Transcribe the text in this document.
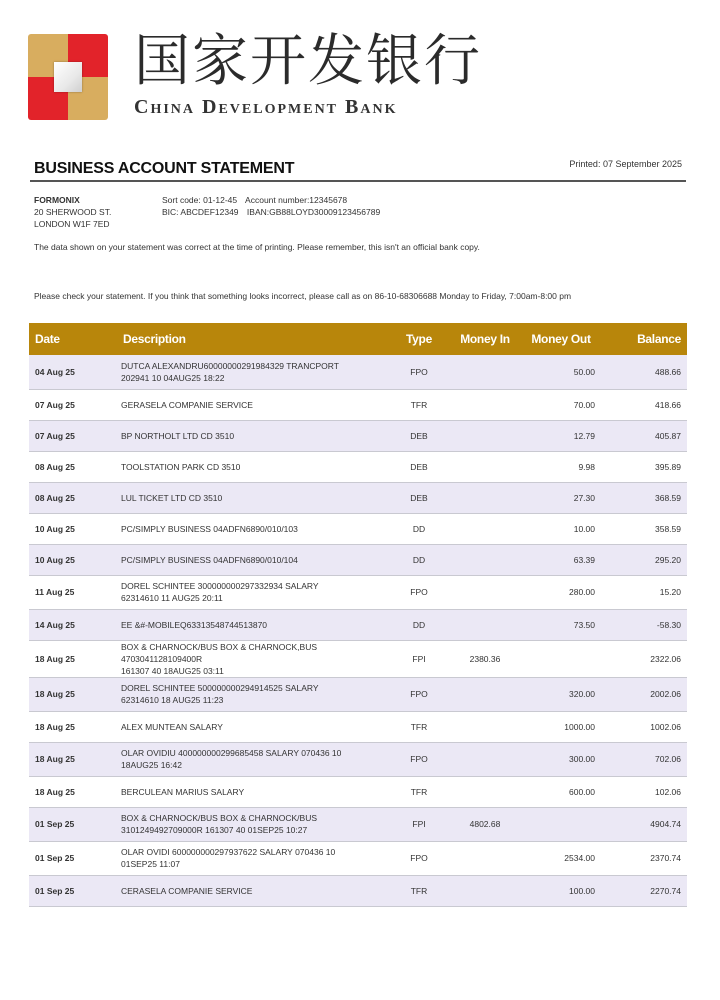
国家开发银行
China Development Bank
BUSINESS ACCOUNT STATEMENT	Printed: 07 September 2025
FORMONIX
20 SHERWOOD ST.
LONDON W1F 7ED
Sort code: 01-12-45 Account number:12345678
BIC: ABCDEF12349 IBAN:GB88LOYD30009123456789
The data shown on your statement was correct at the time of printing. Please remember, this isn't an official bank copy.
Please check your statement. If you think that something looks incorrect, please call as on 86-10-68306688 Monday to Friday, 7:00am-8:00 pm
Date	Description	Type	Money In	Money Out	Balance
04 Aug 25	DUTCA ALEXANDRU60000000291984329 TRANCPORT
202941 10 04AUG25 18:22	FPO		50.00	488.66
07 Aug 25	GERASELA COMPANIE SERVICE	TFR		70.00	418.66
07 Aug 25	BP NORTHOLT LTD CD 3510	DEB		12.79	405.87
08 Aug 25	TOOLSTATION PARK CD 3510	DEB		9.98	395.89
08 Aug 25	LUL TICKET LTD CD 3510	DEB		27.30	368.59
10 Aug 25	PC/SIMPLY BUSINESS 04ADFN6890/010/103	DD		10.00	358.59
10 Aug 25	PC/SIMPLY BUSINESS 04ADFN6890/010/104	DD		63.39	295.20
11 Aug 25	DOREL SCHINTEE 300000000297332934 SALARY
62314610 11 AUG25 20:11	FPO		280.00	15.20
14 Aug 25	EE &#-MOBILEQ63313548744513870	DD		73.50	-58.30
18 Aug 25	BOX & CHARNOCK/BUS BOX & CHARNOCK,BUS 4703041128109400R
161307 40 18AUG25 03:11	FPI	2380.36		2322.06
18 Aug 25	DOREL SCHINTEE 500000000294914525 SALARY
62314610 18 AUG25 11:23	FPO		320.00	2002.06
18 Aug 25	ALEX MUNTEAN SALARY	TFR		1000.00	1002.06
18 Aug 25	OLAR OVIDIU 400000000299685458 SALARY 070436 10
18AUG25 16:42	FPO		300.00	702.06
18 Aug 25	BERCULEAN MARIUS SALARY	TFR		600.00	102.06
01 Sep 25	BOX & CHARNOCK/BUS BOX & CHARNOCK/BUS
3101249492709000R 161307 40 01SEP25 10:27	FPI	4802.68		4904.74
01 Sep 25	OLAR OVIDI 600000000297937622 SALARY 070436 10
01SEP25 11:07	FPO		2534.00	2370.74
01 Sep 25	CERASELA COMPANIE SERVICE	TFR		100.00	2270.74
